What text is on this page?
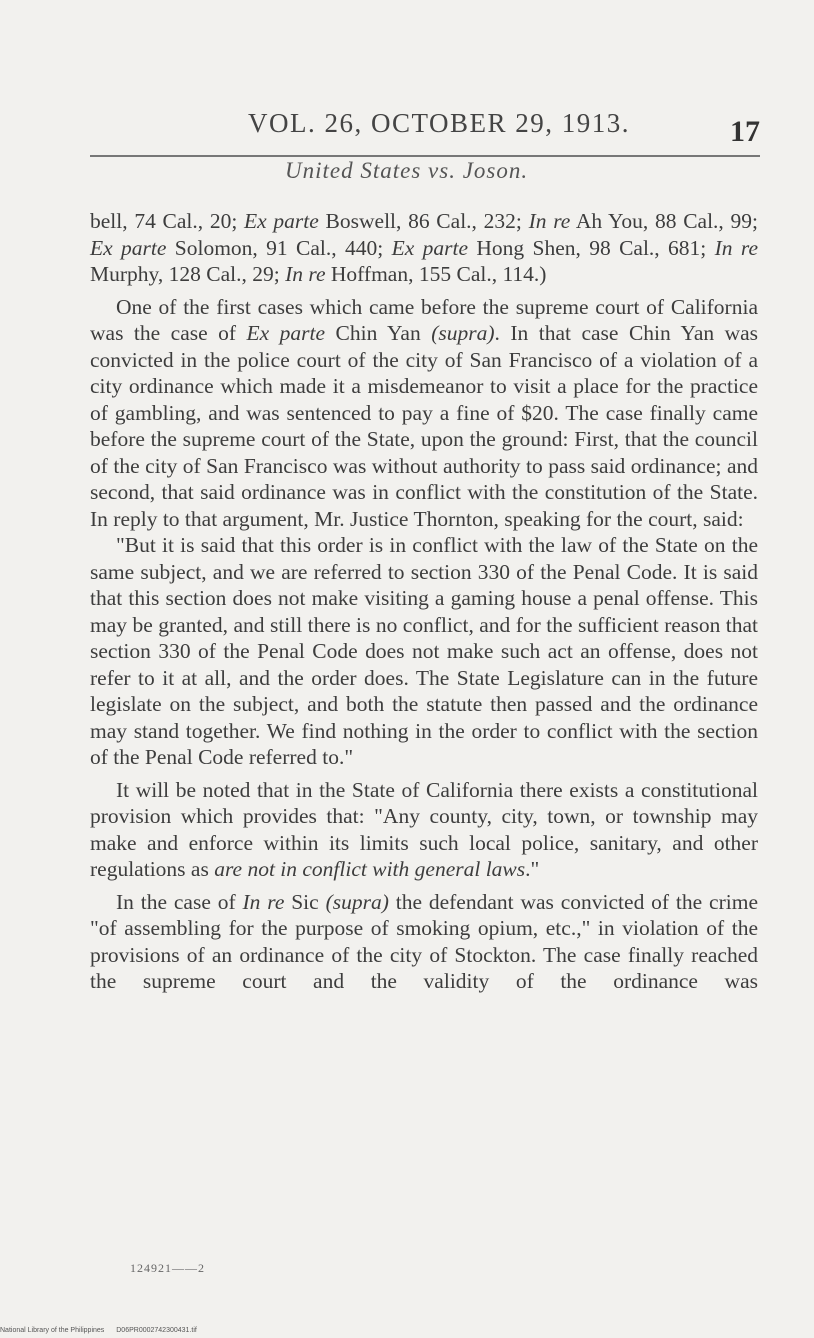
VOL. 26, OCTOBER 29, 1913.	17
United States vs. Joson.

bell, 74 Cal., 20; Ex parte Boswell, 86 Cal., 232; In re Ah You, 88 Cal., 99; Ex parte Solomon, 91 Cal., 440; Ex parte Hong Shen, 98 Cal., 681; In re Murphy, 128 Cal., 29; In re Hoffman, 155 Cal., 114.)

One of the first cases which came before the supreme court of California was the case of Ex parte Chin Yan (supra). In that case Chin Yan was convicted in the police court of the city of San Francisco of a violation of a city ordinance which made it a misdemeanor to visit a place for the practice of gambling, and was sentenced to pay a fine of $20. The case finally came before the supreme court of the State, upon the ground: First, that the council of the city of San Francisco was without authority to pass said ordinance; and second, that said ordinance was in conflict with the constitution of the State. In reply to that argument, Mr. Justice Thornton, speaking for the court, said:

"But it is said that this order is in conflict with the law of the State on the same subject, and we are referred to section 330 of the Penal Code. It is said that this section does not make visiting a gaming house a penal offense. This may be granted, and still there is no conflict, and for the sufficient reason that section 330 of the Penal Code does not make such act an offense, does not refer to it at all, and the order does. The State Legislature can in the future legislate on the subject, and both the statute then passed and the ordinance may stand together. We find nothing in the order to conflict with the section of the Penal Code referred to."

It will be noted that in the State of California there exists a constitutional provision which provides that: "Any county, city, town, or township may make and enforce within its limits such local police, sanitary, and other regulations as are not in conflict with general laws."

In the case of In re Sic (supra) the defendant was convicted of the crime "of assembling for the purpose of smoking opium, etc.," in violation of the provisions of an ordinance of the city of Stockton. The case finally reached the supreme court and the validity of the ordinance was

124921——2
National Library of the Philippines D06PR0002742300431.tif
